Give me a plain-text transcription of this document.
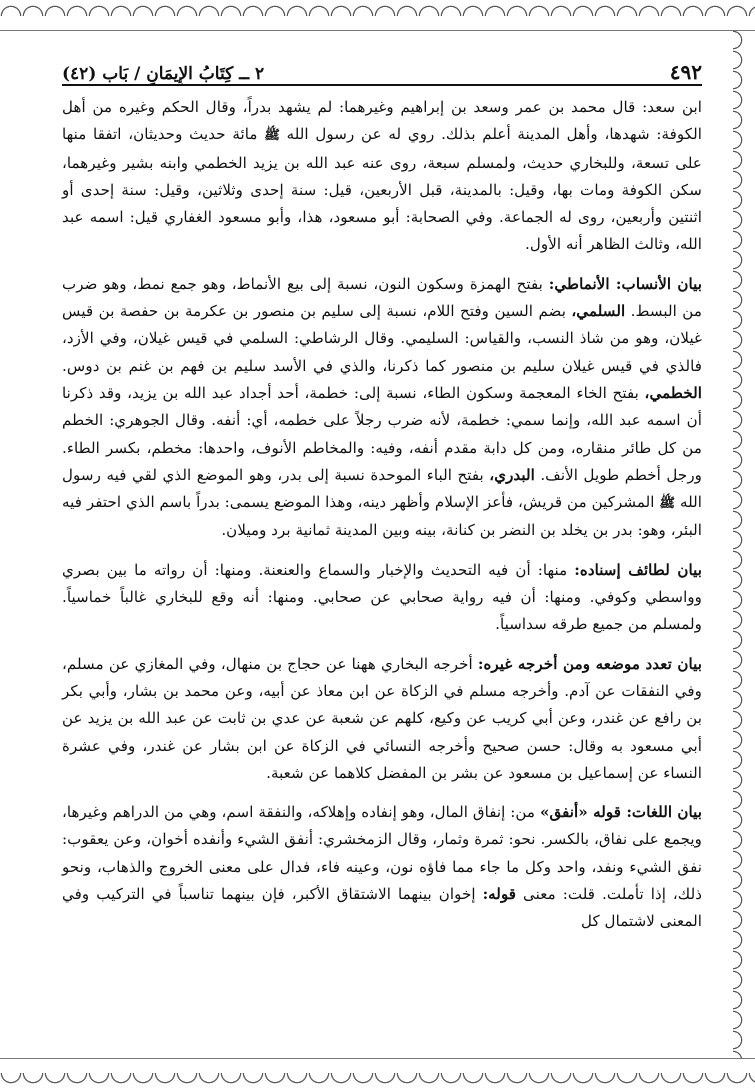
٤٩٢
٢ ــ كِتَابُ الإِيمَانِ / بَاب (٤٢)

ابن سعد: قال محمد بن عمر وسعد بن إبراهيم وغيرهما: لم يشهد بدراً، وقال الحكم وغيره من أهل الكوفة: شهدها، وأهل المدينة أعلم بذلك. روي له عن رسول الله ﷺ مائة حديث وحديثان، اتفقا منها على تسعة، وللبخاري حديث، ولمسلم سبعة، روى عنه عبد الله بن يزيد الخطمي وابنه بشير وغيرهما، سكن الكوفة ومات بها، وقيل: بالمدينة، قبل الأربعين، قيل: سنة إحدى وثلاثين، وقيل: سنة إحدى أو اثنتين وأربعين، روى له الجماعة. وفي الصحابة: أبو مسعود، هذا، وأبو مسعود الغفاري قيل: اسمه عبد الله، وثالث الظاهر أنه الأول.

بيان الأنساب: الأنماطي: بفتح الهمزة وسكون النون، نسبة إلى بيع الأنماط، وهو جمع نمط، وهو ضرب من البسط. السلمي، بضم السين وفتح اللام، نسبة إلى سليم بن منصور بن عكرمة بن حفصة بن قيس غيلان، وهو من شاذ النسب، والقياس: السليمي. وقال الرشاطي: السلمي في قيس غيلان، وفي الأزد، فالذي في قيس غيلان سليم بن منصور كما ذكرنا، والذي في الأسد سليم بن فهم بن غنم بن دوس. الخطمي، بفتح الخاء المعجمة وسكون الطاء، نسبة إلى: خطمة، أحد أجداد عبد الله بن يزيد، وقد ذكرنا أن اسمه عبد الله، وإنما سمي: خطمة، لأنه ضرب رجلاً على خطمه، أي: أنفه. وقال الجوهري: الخطم من كل طائر منقاره، ومن كل دابة مقدم أنفه، وفيه: والمخاطم الأنوف، واحدها: مخطم، بكسر الطاء. ورجل أخطم طويل الأنف. البدري، بفتح الباء الموحدة نسبة إلى بدر، وهو الموضع الذي لقي فيه رسول الله ﷺ المشركين من قريش، فأعز الإسلام وأظهر دينه، وهذا الموضع يسمى: بدراً باسم الذي احتفر فيه البئر، وهو: بدر بن يخلد بن النضر بن كنانة، بينه وبين المدينة ثمانية برد وميلان.

بيان لطائف إسناده: منها: أن فيه التحديث والإخبار والسماع والعنعنة. ومنها: أن رواته ما بين بصري وواسطي وكوفي. ومنها: أن فيه رواية صحابي عن صحابي. ومنها: أنه وقع للبخاري غالباً خماسياً. ولمسلم من جميع طرقه سداسياً.

بيان تعدد موضعه ومن أخرجه غيره: أخرجه البخاري ههنا عن حجاج بن منهال، وفي المغازي عن مسلم، وفي النفقات عن آدم. وأخرجه مسلم في الزكاة عن ابن معاذ عن أبيه، وعن محمد بن بشار، وأبي بكر بن رافع عن غندر، وعن أبي كريب عن وكيع، كلهم عن شعبة عن عدي بن ثابت عن عبد الله بن يزيد عن أبي مسعود به وقال: حسن صحيح وأخرجه النسائي في الزكاة عن ابن بشار عن غندر، وفي عشرة النساء عن إسماعيل بن مسعود عن بشر بن المفضل كلاهما عن شعبة.

بيان اللغات: قوله «أنفق» من: إنفاق المال، وهو إنفاده وإهلاكه، والنفقة اسم، وهي من الدراهم وغيرها، ويجمع على نفاق، بالكسر. نحو: ثمرة وثمار، وقال الزمخشري: أنفق الشيء وأنفده أخوان، وعن يعقوب: نفق الشيء ونفد، واحد وكل ما جاء مما فاؤه نون، وعينه فاء، فدال على معنى الخروج والذهاب، ونحو ذلك، إذا تأملت. قلت: معنى قوله: إخوان بينهما الاشتقاق الأكبر، فإن بينهما تناسباً في التركيب وفي المعنى لاشتمال كل
